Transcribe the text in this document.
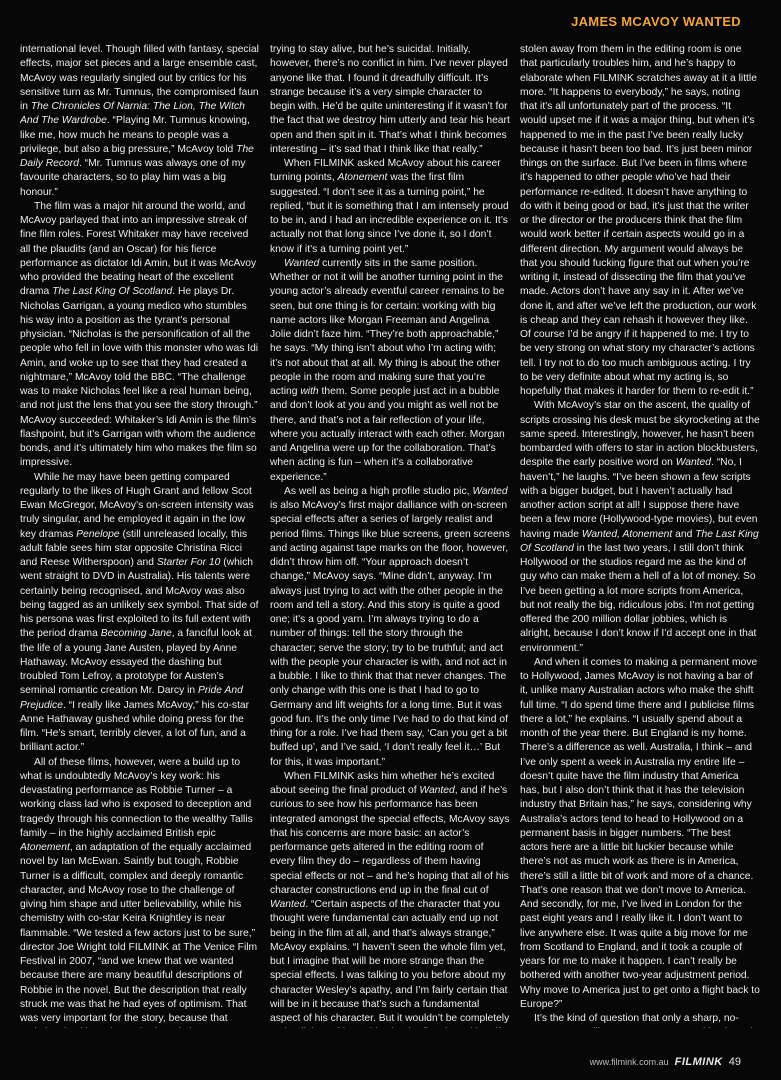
JAMES MCAVOY WANTED

international level. Though filled with fantasy, special effects, major set pieces and a large ensemble cast, McAvoy was regularly singled out by critics for his sensitive turn as Mr. Tumnus, the compromised faun in The Chronicles Of Narnia: The Lion, The Witch And The Wardrobe. “Playing Mr. Tumnus knowing, like me, how much he means to people was a privilege, but also a big pressure,” McAvoy told The Daily Record. “Mr. Tumnus was always one of my favourite characters, so to play him was a big honour.”

The film was a major hit around the world, and McAvoy parlayed that into an impressive streak of fine film roles. Forest Whitaker may have received all the plaudits (and an Oscar) for his fierce performance as dictator Idi Amin, but it was McAvoy who provided the beating heart of the excellent drama The Last King Of Scotland. He plays Dr. Nicholas Garrigan, a young medico who stumbles his way into a position as the tyrant’s personal physician. “Nicholas is the personification of all the people who fell in love with this monster who was Idi Amin, and woke up to see that they had created a nightmare,” McAvoy told the BBC. “The challenge was to make Nicholas feel like a real human being, and not just the lens that you see the story through.” McAvoy succeeded: Whitaker’s Idi Amin is the film’s flashpoint, but it’s Garrigan with whom the audience bonds, and it’s ultimately him who makes the film so impressive.

While he may have been getting compared regularly to the likes of Hugh Grant and fellow Scot Ewan McGregor, McAvoy’s on-screen intensity was truly singular, and he employed it again in the low key dramas Penelope (still unreleased locally, this adult fable sees him star opposite Christina Ricci and Reese Witherspoon) and Starter For 10 (which went straight to DVD in Australia). His talents were certainly being recognised, and McAvoy was also being tagged as an unlikely sex symbol. That side of his persona was first exploited to its full extent with the period drama Becoming Jane, a fanciful look at the life of a young Jane Austen, played by Anne Hathaway. McAvoy essayed the dashing but troubled Tom Lefroy, a prototype for Austen’s seminal romantic creation Mr. Darcy in Pride And Prejudice. “I really like James McAvoy,” his co-star Anne Hathaway gushed while doing press for the film. “He’s smart, terribly clever, a lot of fun, and a brilliant actor.”

All of these films, however, were a build up to what is undoubtedly McAvoy’s key work: his devastating performance as Robbie Turner – a working class lad who is exposed to deception and tragedy through his connection to the wealthy Tallis family – in the highly acclaimed British epic Atonement, an adaptation of the equally acclaimed novel by Ian McEwan. Saintly but tough, Robbie Turner is a difficult, complex and deeply romantic character, and McAvoy rose to the challenge of giving him shape and utter believability, while his chemistry with co-star Keira Knightley is near flammable. “We tested a few actors just to be sure,” director Joe Wright told FILMINK at The Venice Film Festival in 2007, “and we knew that we wanted because there are many beautiful descriptions of Robbie in the novel. But the description that really struck me was that he had eyes of optimism. That was very important for the story, because that

trying to stay alive, but he’s suicidal. Initially, however, there’s no conflict in him. I’ve never played anyone like that. I found it dreadfully difficult. It’s strange because it’s a very simple character to begin with. He’d be quite uninteresting if it wasn’t for the fact that we destroy him utterly and tear his heart open and then spit in it. That’s what I think becomes interesting – it’s sad that I think like that really.”

When FILMINK asked McAvoy about his career turning points, Atonement was the first film suggested. “I don’t see it as a turning point,” he replied, “but it is something that I am intensely proud to be in, and I had an incredible experience on it. It’s actually not that long since I’ve done it, so I don’t know if it’s a turning point yet.”

Wanted currently sits in the same position. Whether or not it will be another turning point in the young actor’s already eventful career remains to be seen, but one thing is for certain: working with big name actors like Morgan Freeman and Angelina Jolie didn’t faze him. “They’re both approachable,” he says. “My thing isn’t about who I’m acting with; it’s not about that at all. My thing is about the other people in the room and making sure that you’re acting with them. Some people just act in a bubble and don’t look at you and you might as well not be there, and that’s not a fair reflection of your life, where you actually interact with each other. Morgan and Angelina were up for the collaboration. That’s when acting is fun – when it’s a collaborative experience.”

As well as being a high profile studio pic, Wanted is also McAvoy’s first major dalliance with on-screen special effects after a series of largely realist and period films. Things like blue screens, green screens and acting against tape marks on the floor, however, didn’t throw him off. “Your approach doesn’t change,” McAvoy says. “Mine didn’t, anyway. I’m always just trying to act with the other people in the room and tell a story. And this story is quite a good one; it’s a good yarn. I’m always trying to do a number of things: tell the story through the character; serve the story; try to be truthful; and act with the people your character is with, and not act in a bubble. I like to think that that never changes. The only change with this one is that I had to go to Germany and lift weights for a long time. But it was good fun. It’s the only time I’ve had to do that kind of thing for a role. I’ve had them say, ‘Can you get a bit buffed up’, and I’ve said, ‘I don’t really feel it…’ But for this, it was important.”

When FILMINK asks him whether he’s excited about seeing the final product of Wanted, and if he’s curious to see how his performance has been integrated amongst the special effects, McAvoy says that his concerns are more basic: an actor’s performance gets altered in the editing room of every film they do – regardless of them having special effects or not – and he’s hoping that all of his character constructions end up in the final cut of Wanted. “Certain aspects of the character that you thought were fundamental can actually end up not being in the film at all, and that’s always strange,” McAvoy explains. “I haven’t seen the whole film yet, but I imagine that will be more strange than the special effects. I was talking to you before about my character Wesley’s apathy, and I’m fairly certain that will be in it because that’s such a fundamental aspect of his character. But it wouldn’t be completely

stolen away from them in the editing room is one that particularly troubles him, and he’s happy to elaborate when FILMINK scratches away at it a little more. “It happens to everybody,” he says, noting that it’s all unfortunately part of the process. “It would upset me if it was a major thing, but when it’s happened to me in the past I’ve been really lucky because it hasn’t been too bad. It’s just been minor things on the surface. But I’ve been in films where it’s happened to other people who’ve had their performance re-edited. It doesn’t have anything to do with it being good or bad, it’s just that the writer or the director or the producers think that the film would work better if certain aspects would go in a different direction. My argument would always be that you should fucking figure that out when you’re writing it, instead of dissecting the film that you’ve made. Actors don’t have any say in it. After we’ve done it, and after we’ve left the production, our work is cheap and they can rehash it however they like. Of course I’d be angry if it happened to me. I try to be very strong on what story my character’s actions tell. I try not to do too much ambiguous acting. I try to be very definite about what my acting is, so hopefully that makes it harder for them to re-edit it.”

With McAvoy’s star on the ascent, the quality of scripts crossing his desk must be skyrocketing at the same speed. Interestingly, however, he hasn’t been bombarded with offers to star in action blockbusters, despite the early positive word on Wanted. “No, I haven’t,” he laughs. “I’ve been shown a few scripts with a bigger budget, but I haven’t actually had another action script at all! I suppose there have been a few more (Hollywood-type movies), but even having made Wanted, Atonement and The Last King Of Scotland in the last two years, I still don’t think Hollywood or the studios regard me as the kind of guy who can make them a hell of a lot of money. So I’ve been getting a lot more scripts from America, but not really the big, ridiculous jobs. I’m not getting offered the 200 million dollar jobbies, which is alright, because I don’t know if I’d accept one in that environment.”

And when it comes to making a permanent move to Hollywood, James McAvoy is not having a bar of it, unlike many Australian actors who make the shift full time. “I do spend time there and I publicise films there a lot,” he explains. “I usually spend about a month of the year there. But England is my home. There’s a difference as well. Australia, I think – and I’ve only spent a week in Australia my entire life – doesn’t quite have the film industry that America has, but I also don’t think that it has the television industry that Britain has,” he says, considering why Australia’s actors tend to head to Hollywood on a permanent basis in bigger numbers. “The best actors here are a little bit luckier because while there’s not as much work as there is in America, there’s still a little bit of work and more of a chance. That’s one reason that we don’t move to America. And secondly, for me, I’ve lived in London for the past eight years and I really like it. I don’t want to live anywhere else. It was quite a big move for me from Scotland to England, and it took a couple of years for me to make it happen. I can’t really be bothered with another two-year adjustment period. Why move to America just to get onto a flight back to Europe?”

It’s the kind of question that only a sharp, no-

www.filmink.com.au FILMINK 49
